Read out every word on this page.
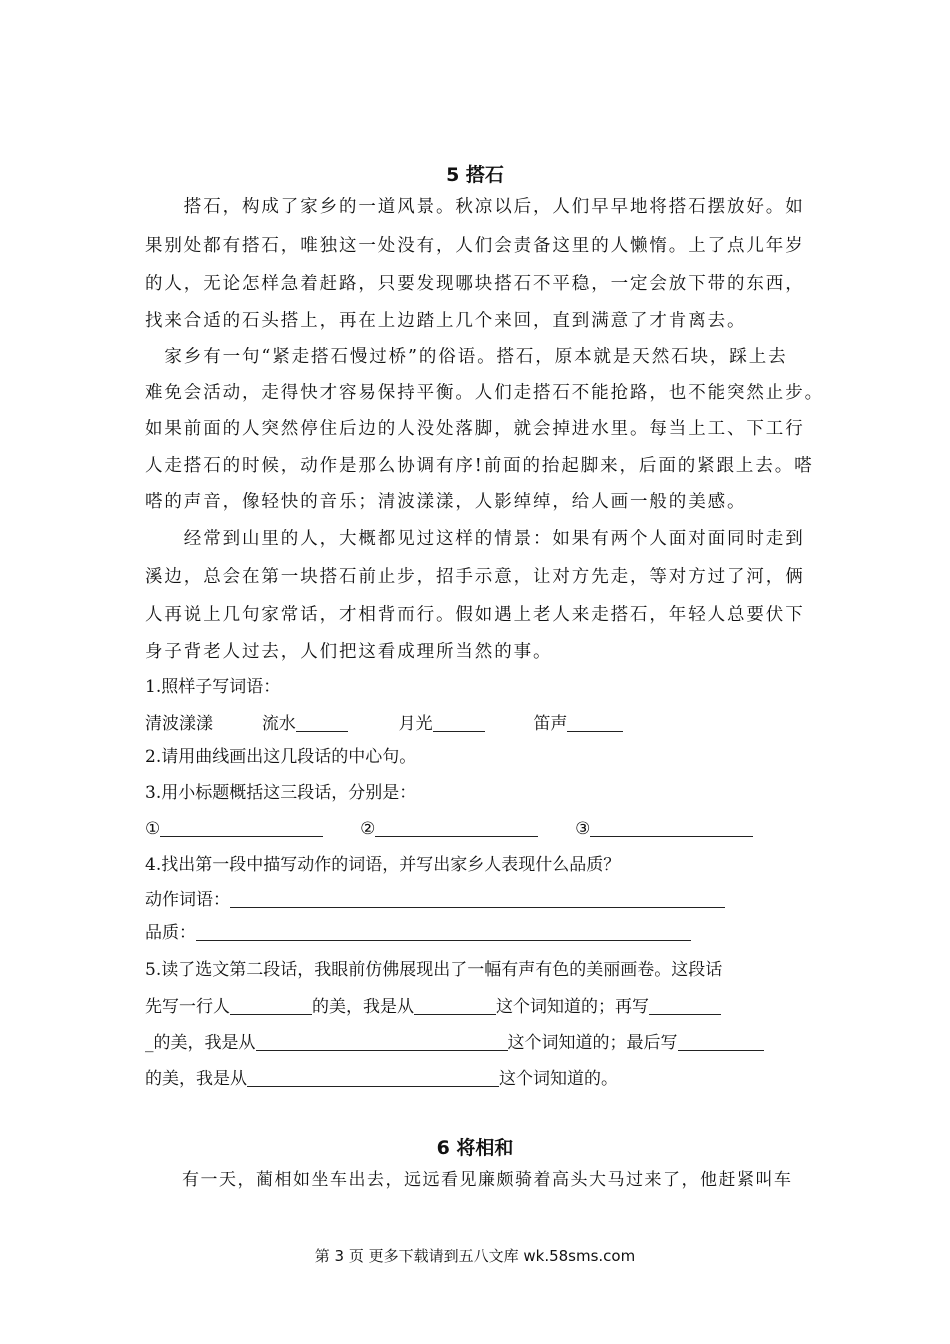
5 搭石
　　搭石，构成了家乡的一道风景。秋凉以后，人们早早地将搭石摆放好。如
果别处都有搭石，唯独这一处没有，人们会责备这里的人懒惰。上了点儿年岁
的人，无论怎样急着赶路，只要发现哪块搭石不平稳，一定会放下带的东西，
找来合适的石头搭上，再在上边踏上几个来回，直到满意了才肯离去。
　家乡有一句“紧走搭石慢过桥”的俗语。搭石，原本就是天然石块，踩上去
难免会活动，走得快才容易保持平衡。人们走搭石不能抢路，也不能突然止步。
如果前面的人突然停住后边的人没处落脚，就会掉进水里。每当上工、下工行
人走搭石的时候，动作是那么协调有序!前面的抬起脚来，后面的紧跟上去。嗒
嗒的声音，像轻快的音乐；清波漾漾，人影绰绰，给人画一般的美感。
　　经常到山里的人，大概都见过这样的情景：如果有两个人面对面同时走到
溪边，总会在第一块搭石前止步，招手示意，让对方先走，等对方过了河，俩
人再说上几句家常话，才相背而行。假如遇上老人来走搭石，年轻人总要伏下
身子背老人过去，人们把这看成理所当然的事。
1.照样子写词语：
清波漾漾	流水	月光	笛声
2.请用曲线画出这几段话的中心句。
3.用小标题概括这三段话，分别是：
①	②	③
4.找出第一段中描写动作的词语，并写出家乡人表现什么品质？
动作词语：
品质：
5.读了选文第二段话，我眼前仿佛展现出了一幅有声有色的美丽画卷。这段话
先写一行人	的美，我是从	这个词知道的；再写
_的美，我是从	这个词知道的；最后写
的美，我是从	这个词知道的。
6 将相和
　　有一天，蔺相如坐车出去，远远看见廉颇骑着高头大马过来了，他赶紧叫车
第 3 页 更多下载请到五八文库 wk.58sms.com
